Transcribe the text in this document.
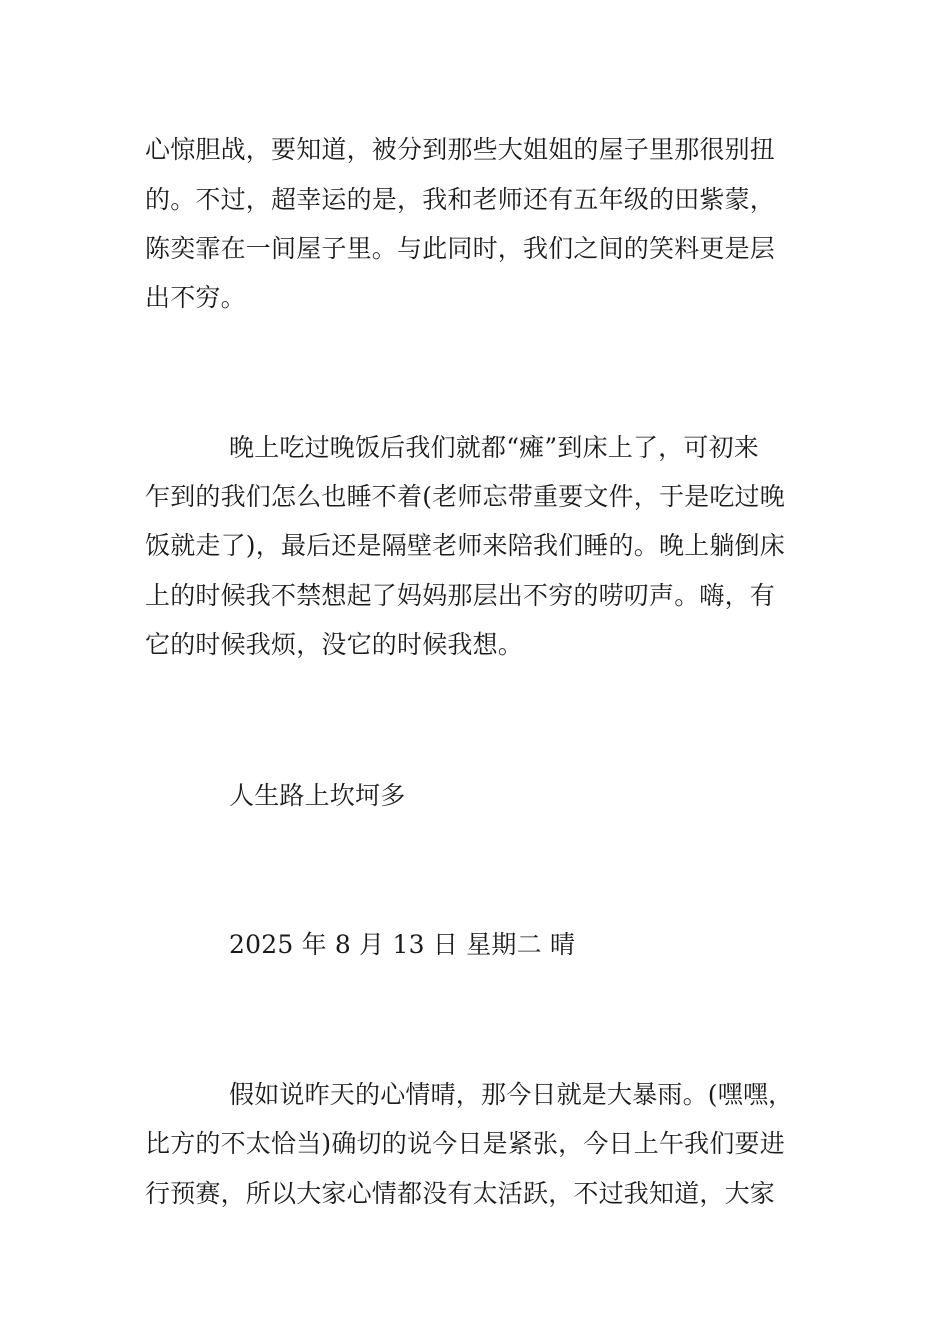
心惊胆战，要知道，被分到那些大姐姐的屋子里那很别扭
的。不过，超幸运的是，我和老师还有五年级的田紫蒙，
陈奕霏在一间屋子里。与此同时，我们之间的笑料更是层
出不穷。
晚上吃过晚饭后我们就都“瘫”到床上了，可初来
乍到的我们怎么也睡不着(老师忘带重要文件，于是吃过晚
饭就走了)，最后还是隔壁老师来陪我们睡的。晚上躺倒床
上的时候我不禁想起了妈妈那层出不穷的唠叨声。嗨，有
它的时候我烦，没它的时候我想。
人生路上坎坷多
2025 年 8 月 13 日 星期二 晴
假如说昨天的心情晴，那今日就是大暴雨。(嘿嘿，
比方的不太恰当)确切的说今日是紧张，今日上午我们要进
行预赛，所以大家心情都没有太活跃，不过我知道，大家
